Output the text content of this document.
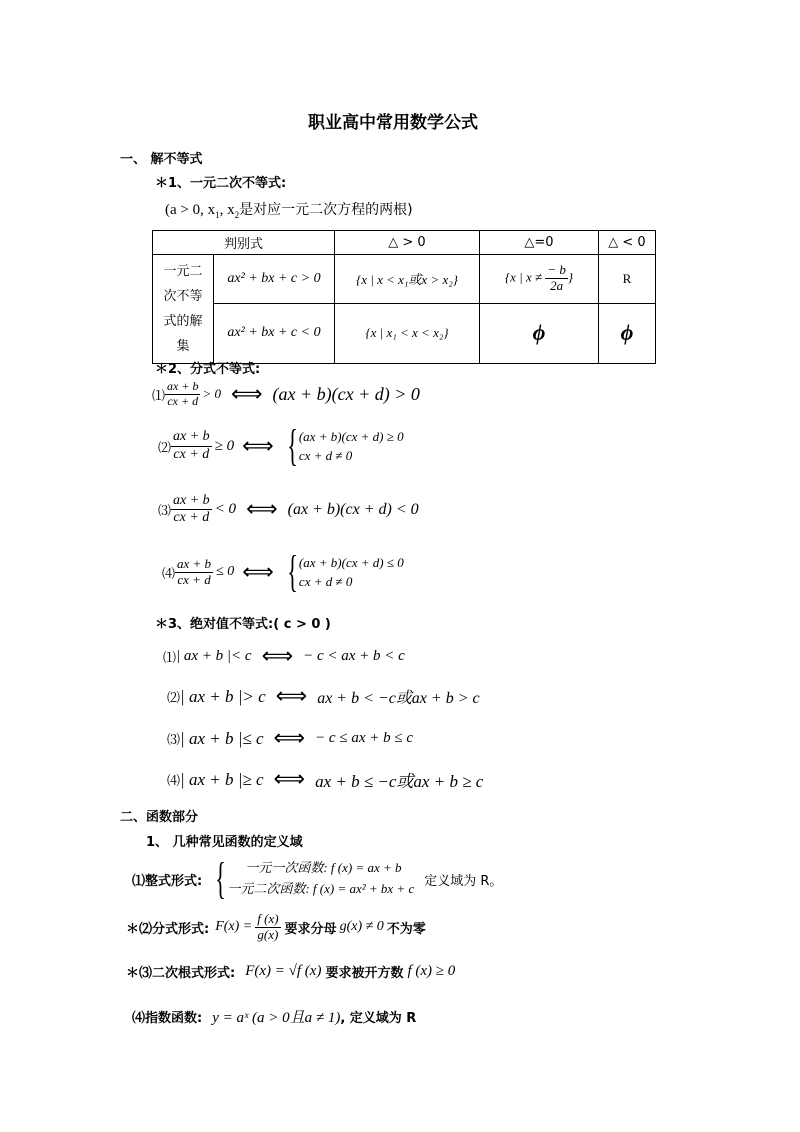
职业高中常用数学公式
一、 解不等式
＊1、一元二次不等式:
(a > 0, $x_1$, $x_2$是对应一元二次方程的两根)
判别式		△ > 0	△=0	△ < 0

一元二次不等式的解集	ax² + bx + c > 0	{x | x < x₁或x > x₂}	{x | $x \ne \frac{- b}{2a}$ }	R
	ax² + bx + c < 0	{x | x₁ < x < x₂}	ϕ	ϕ
＊2、分式不等式:
⑴ $\frac{ax + b}{cx + d} > 0$ ⟺ (ax + b)(cx + d) > 0
⑵ $\frac{ax + b}{cx + d} \ge 0$ ⟺ { (ax + b)(cx + d) ≥ 0
cx + d ≠ 0
⑶ $\frac{ax + b}{cx + d} < 0$ ⟺ (ax + b)(cx + d) < 0
⑷ $\frac{ax + b}{cx + d} \le 0$ ⟺ { (ax + b)(cx + d) ≤ 0
cx + d ≠ 0
＊3、绝对值不等式:( c > 0 )
⑴ | ax + b |< c ⟺ − c < ax + b < c
⑵ | ax + b |> c ⟺ ax + b < −c或ax + b > c
⑶ | ax + b |≤ c ⟺ − c ≤ ax + b ≤ c
⑷ | ax + b |≥ c ⟺ ax + b ≤ −c或ax + b ≥ c
二、函数部分
1、 几种常见函数的定义域
⑴整式形式: {	一元一次函数: f (x) = ax + b
一元二次函数: f (x) = ax² + bx + c 定义域为 R。
＊⑵分式形式: $F(x) = \frac{f (x)}{g(x)}$ 要求分母 g(x) ≠ 0 不为零
＊⑶二次根式形式: F(x) = √f (x) 要求被开方数 f (x) ≥ 0
⑷指数函数: y = aˣ (a > 0且a ≠ 1) , 定义域为 R
